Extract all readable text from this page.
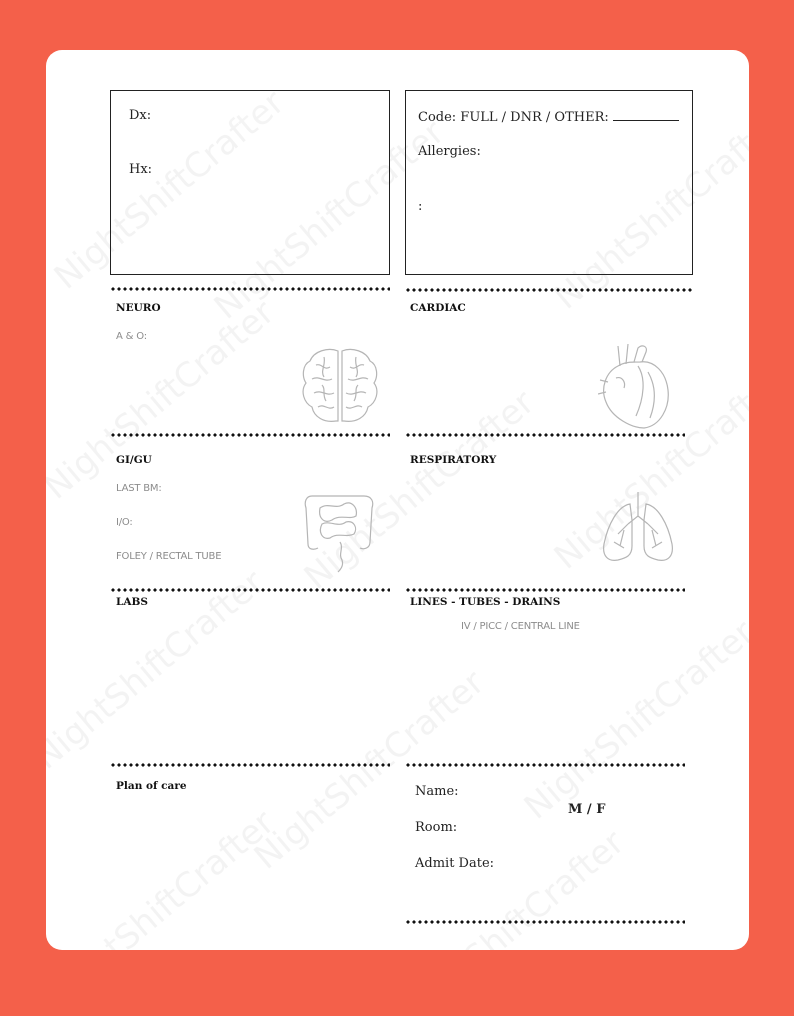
Dx:
Hx:
Code: FULL / DNR / OTHER:
Allergies:
:
NEURO
A & O:
CARDIAC
GI/GU
LAST BM:
I/O:
FOLEY / RECTAL TUBE
RESPIRATORY
LABS	LINES - TUBES - DRAINS
IV / PICC / CENTRAL LINE
Plan of care	Name:
M / F
Room:
Admit Date:
